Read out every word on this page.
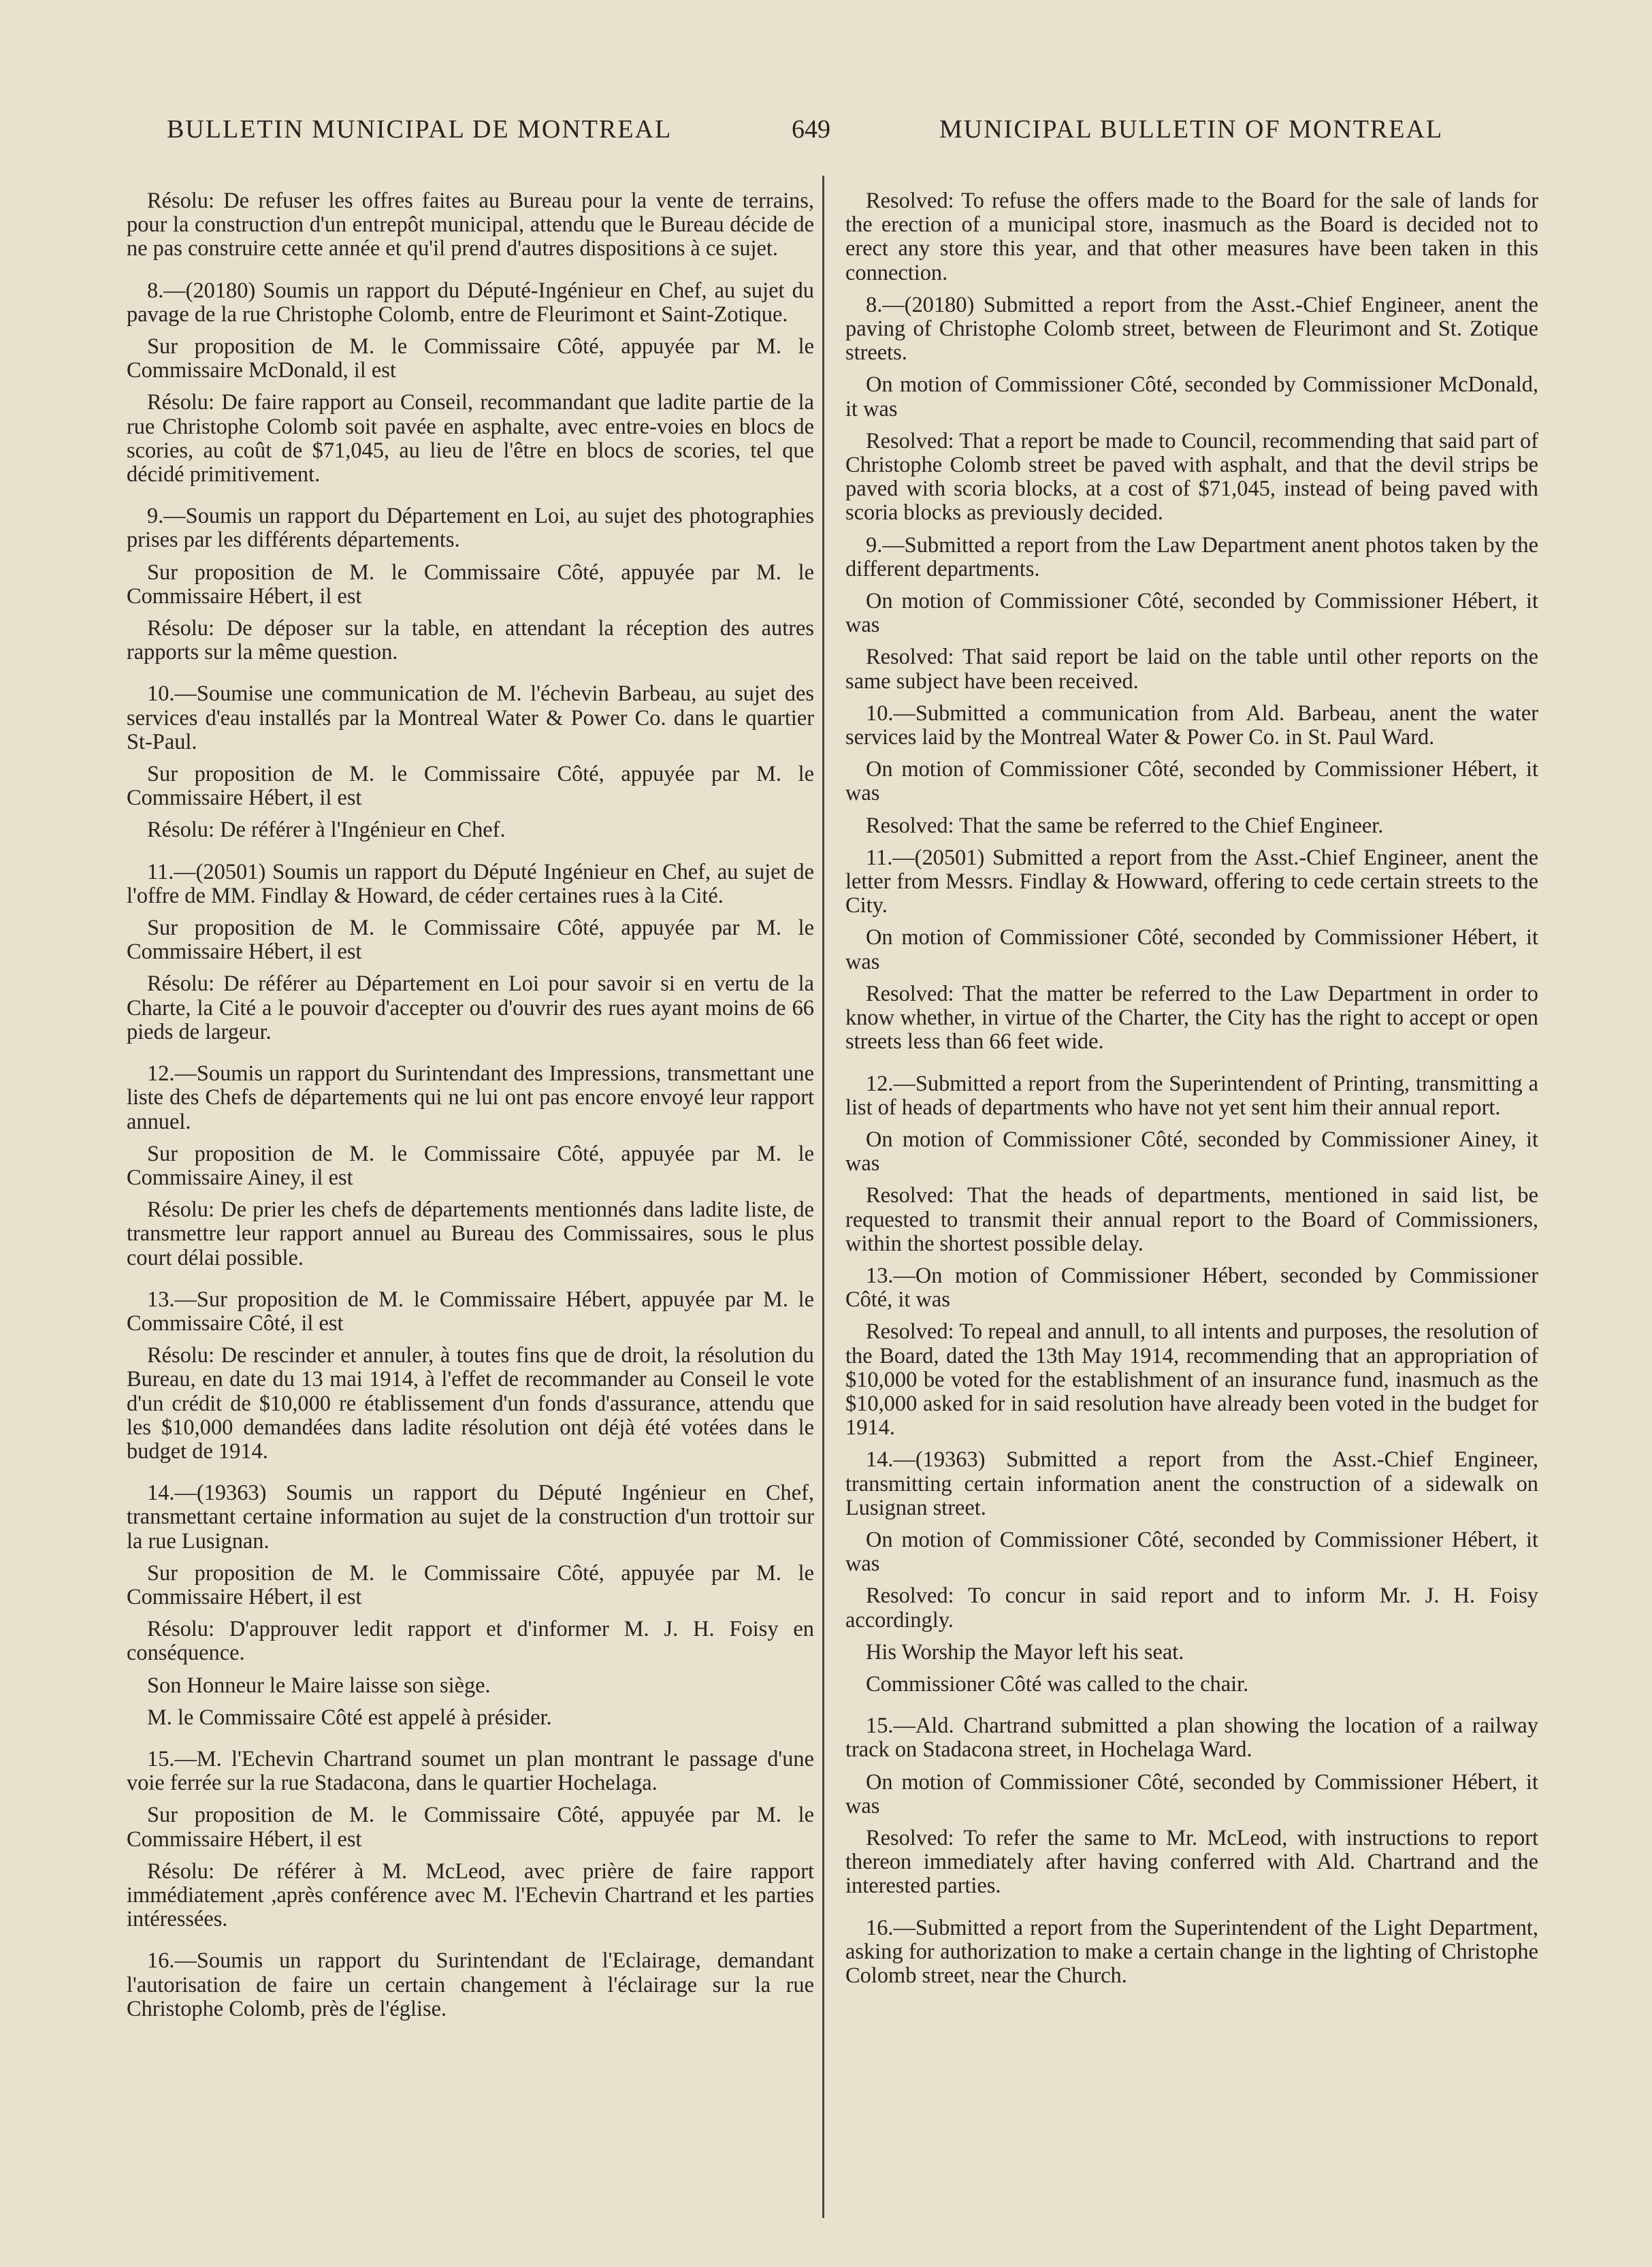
BULLETIN MUNICIPAL DE MONTREAL	649	MUNICIPAL BULLETIN OF MONTREAL

Résolu: De refuser les offres faites au Bureau pour la vente de terrains, pour la construction d'un entrepôt municipal, attendu que le Bureau décide de ne pas construire cette année et qu'il prend d'autres dispositions à ce sujet.

8.—(20180) Soumis un rapport du Député-Ingénieur en Chef, au sujet du pavage de la rue Christophe Colomb, entre de Fleurimont et Saint-Zotique.

Sur proposition de M. le Commissaire Côté, appuyée par M. le Commissaire McDonald, il est

Résolu: De faire rapport au Conseil, recommandant que ladite partie de la rue Christophe Colomb soit pavée en asphalte, avec entre-voies en blocs de scories, au coût de $71,045, au lieu de l'être en blocs de scories, tel que décidé primitivement.

9.—Soumis un rapport du Département en Loi, au sujet des photographies prises par les différents départements.

Sur proposition de M. le Commissaire Côté, appuyée par M. le Commissaire Hébert, il est

Résolu: De déposer sur la table, en attendant la réception des autres rapports sur la même question.

10.—Soumise une communication de M. l'échevin Barbeau, au sujet des services d'eau installés par la Montreal Water & Power Co. dans le quartier St-Paul.

Sur proposition de M. le Commissaire Côté, appuyée par M. le Commissaire Hébert, il est

Résolu: De référer à l'Ingénieur en Chef.

11.—(20501) Soumis un rapport du Député Ingénieur en Chef, au sujet de l'offre de MM. Findlay & Howard, de céder certaines rues à la Cité.

Sur proposition de M. le Commissaire Côté, appuyée par M. le Commissaire Hébert, il est

Résolu: De référer au Département en Loi pour savoir si en vertu de la Charte, la Cité a le pouvoir d'accepter ou d'ouvrir des rues ayant moins de 66 pieds de largeur.

12.—Soumis un rapport du Surintendant des Impressions, transmettant une liste des Chefs de départements qui ne lui ont pas encore envoyé leur rapport annuel.

Sur proposition de M. le Commissaire Côté, appuyée par M. le Commissaire Ainey, il est

Résolu: De prier les chefs de départements mentionnés dans ladite liste, de transmettre leur rapport annuel au Bureau des Commissaires, sous le plus court délai possible.

13.—Sur proposition de M. le Commissaire Hébert, appuyée par M. le Commissaire Côté, il est

Résolu: De rescinder et annuler, à toutes fins que de droit, la résolution du Bureau, en date du 13 mai 1914, à l'effet de recommander au Conseil le vote d'un crédit de $10,000 re établissement d'un fonds d'assurance, attendu que les $10,000 demandées dans ladite résolution ont déjà été votées dans le budget de 1914.

14.—(19363) Soumis un rapport du Député Ingénieur en Chef, transmettant certaine information au sujet de la construction d'un trottoir sur la rue Lusignan.

Sur proposition de M. le Commissaire Côté, appuyée par M. le Commissaire Hébert, il est

Résolu: D'approuver ledit rapport et d'informer M. J. H. Foisy en conséquence.

Son Honneur le Maire laisse son siège.

M. le Commissaire Côté est appelé à présider.

15.—M. l'Echevin Chartrand soumet un plan montrant le passage d'une voie ferrée sur la rue Stadacona, dans le quartier Hochelaga.

Sur proposition de M. le Commissaire Côté, appuyée par M. le Commissaire Hébert, il est

Résolu: De référer à M. McLeod, avec prière de faire rapport immédiatement ,après conférence avec M. l'Echevin Chartrand et les parties intéressées.

16.—Soumis un rapport du Surintendant de l'Eclairage, demandant l'autorisation de faire un certain changement à l'éclairage sur la rue Christophe Colomb, près de l'église.

Resolved: To refuse the offers made to the Board for the sale of lands for the erection of a municipal store, inasmuch as the Board is decided not to erect any store this year, and that other measures have been taken in this connection.

8.—(20180) Submitted a report from the Asst.-Chief Engineer, anent the paving of Christophe Colomb street, between de Fleurimont and St. Zotique streets.

On motion of Commissioner Côté, seconded by Commissioner McDonald, it was

Resolved: That a report be made to Council, recommending that said part of Christophe Colomb street be paved with asphalt, and that the devil strips be paved with scoria blocks, at a cost of $71,045, instead of being paved with scoria blocks as previously decided.

9.—Submitted a report from the Law Department anent photos taken by the different departments.

On motion of Commissioner Côté, seconded by Commissioner Hébert, it was

Resolved: That said report be laid on the table until other reports on the same subject have been received.

10.—Submitted a communication from Ald. Barbeau, anent the water services laid by the Montreal Water & Power Co. in St. Paul Ward.

On motion of Commissioner Côté, seconded by Commissioner Hébert, it was

Resolved: That the same be referred to the Chief Engineer.

11.—(20501) Submitted a report from the Asst.-Chief Engineer, anent the letter from Messrs. Findlay & Howward, offering to cede certain streets to the City.

On motion of Commissioner Côté, seconded by Commissioner Hébert, it was

Resolved: That the matter be referred to the Law Department in order to know whether, in virtue of the Charter, the City has the right to accept or open streets less than 66 feet wide.

12.—Submitted a report from the Superintendent of Printing, transmitting a list of heads of departments who have not yet sent him their annual report.

On motion of Commissioner Côté, seconded by Commissioner Ainey, it was

Resolved: That the heads of departments, mentioned in said list, be requested to transmit their annual report to the Board of Commissioners, within the shortest possible delay.

13.—On motion of Commissioner Hébert, seconded by Commissioner Côté, it was

Resolved: To repeal and annull, to all intents and purposes, the resolution of the Board, dated the 13th May 1914, recommending that an appropriation of $10,000 be voted for the establishment of an insurance fund, inasmuch as the $10,000 asked for in said resolution have already been voted in the budget for 1914.

14.—(19363) Submitted a report from the Asst.-Chief Engineer, transmitting certain information anent the construction of a sidewalk on Lusignan street.

On motion of Commissioner Côté, seconded by Commissioner Hébert, it was

Resolved: To concur in said report and to inform Mr. J. H. Foisy accordingly.

His Worship the Mayor left his seat.

Commissioner Côté was called to the chair.

15.—Ald. Chartrand submitted a plan showing the location of a railway track on Stadacona street, in Hochelaga Ward.

On motion of Commissioner Côté, seconded by Commissioner Hébert, it was

Resolved: To refer the same to Mr. McLeod, with instructions to report thereon immediately after having conferred with Ald. Chartrand and the interested parties.

16.—Submitted a report from the Superintendent of the Light Department, asking for authorization to make a certain change in the lighting of Christophe Colomb street, near the Church.
